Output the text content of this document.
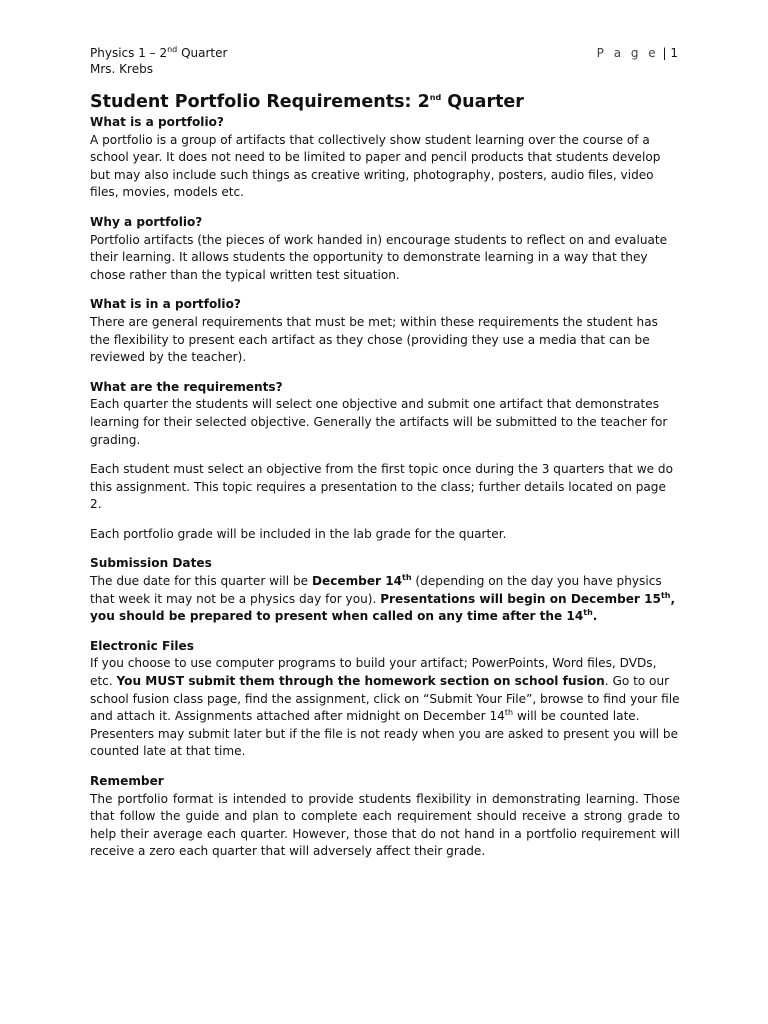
Physics 1 – 2nd Quarter
Mrs. Krebs
P a g e | 1
Student Portfolio Requirements: 2nd Quarter
What is a portfolio?

A portfolio is a group of artifacts that collectively show student learning over the course of a school year. It does not need to be limited to paper and pencil products that students develop but may also include such things as creative writing, photography, posters, audio files, video files, movies, models etc.

Why a portfolio?

Portfolio artifacts (the pieces of work handed in) encourage students to reflect on and evaluate their learning. It allows students the opportunity to demonstrate learning in a way that they chose rather than the typical written test situation.

What is in a portfolio?

There are general requirements that must be met; within these requirements the student has the flexibility to present each artifact as they chose (providing they use a media that can be reviewed by the teacher).

What are the requirements?

Each quarter the students will select one objective and submit one artifact that demonstrates learning for their selected objective. Generally the artifacts will be submitted to the teacher for grading.

Each student must select an objective from the first topic once during the 3 quarters that we do this assignment. This topic requires a presentation to the class; further details located on page 2.

Each portfolio grade will be included in the lab grade for the quarter.

Submission Dates

The due date for this quarter will be December 14th (depending on the day you have physics that week it may not be a physics day for you). Presentations will begin on December 15th, you should be prepared to present when called on any time after the 14th.

Electronic Files

If you choose to use computer programs to build your artifact; PowerPoints, Word files, DVDs, etc. You MUST submit them through the homework section on school fusion. Go to our school fusion class page, find the assignment, click on “Submit Your File”, browse to find your file and attach it. Assignments attached after midnight on December 14th will be counted late. Presenters may submit later but if the file is not ready when you are asked to present you will be counted late at that time.

Remember

The portfolio format is intended to provide students flexibility in demonstrating learning. Those that follow the guide and plan to complete each requirement should receive a strong grade to help their average each quarter. However, those that do not hand in a portfolio requirement will receive a zero each quarter that will adversely affect their grade.
